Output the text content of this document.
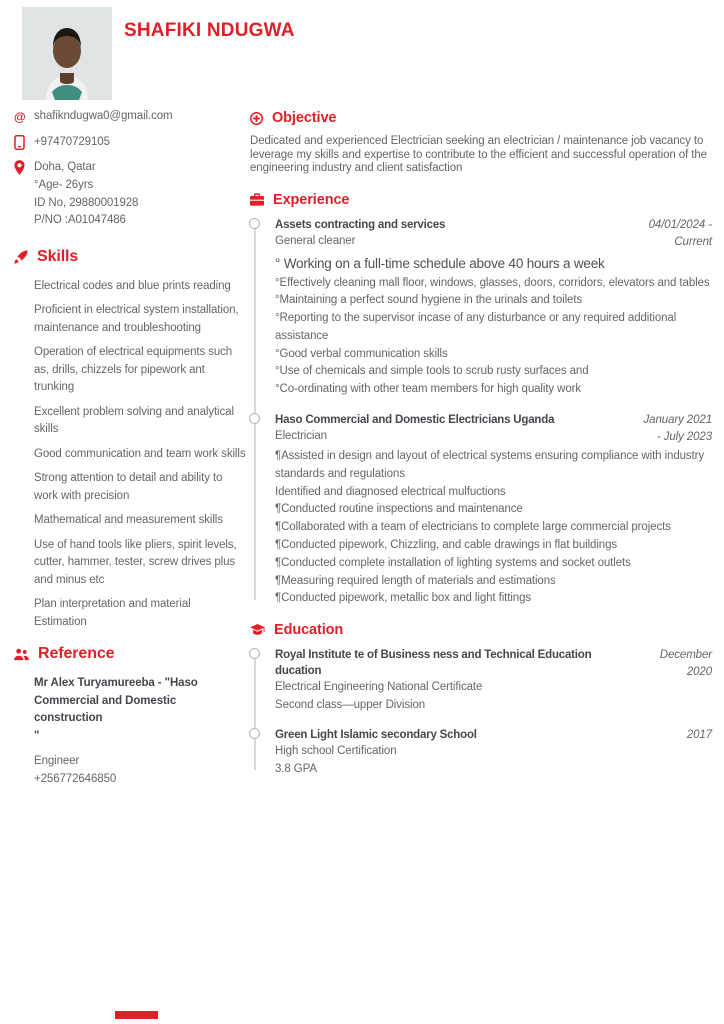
SHAFIKI NDUGWA
@ shafikndugwa0@gmail.com
+97470729105
Doha, Qatar
°Age- 26yrs
ID No, 29880001928
P/NO :A01047486
Skills
Electrical codes and blue prints reading
Proficient in electrical system installation, maintenance and troubleshooting
Operation of electrical equipments such as, drills, chizzels for pipework ant trunking
Excellent problem solving and analytical skills
Good communication and team work skills
Strong attention to detail and ability to work with precision
Mathematical and measurement skills
Use of hand tools like pliers, spirit levels, cutter, hammer, tester, screw drives plus and minus etc
Plan interpretation and material Estimation
Reference
Mr Alex Turyamureeba - "Haso
Commercial and Domestic construction
"
Engineer
+256772646850
Objective
Dedicated and experienced Electrician seeking an electrician / maintenance job vacancy to leverage my skills and expertise to contribute to the efficient and successful operation of the engineering industry and client satisfaction
Experience
Assets contracting and services
General cleaner
04/01/2024 -
Current
° Working on a full-time schedule above 40 hours a week
°Effectively cleaning mall floor, windows, glasses, doors, corridors, elevators and tables
°Maintaining a perfect sound hygiene in the urinals and toilets
°Reporting to the supervisor incase of any disturbance or any required additional assistance
°Good verbal communication skills
°Use of chemicals and simple tools to scrub rusty surfaces and
°Co-ordinating with other team members for high quality work
Haso Commercial and Domestic Electricians Uganda
Electrician
January 2021
- July 2023
¶Assisted in design and layout of electrical systems ensuring compliance with industry standards and regulations
Identified and diagnosed electrical mulfuctions
¶Conducted routine inspections and maintenance
¶Collaborated with a team of electricians to complete large commercial projects
¶Conducted pipework, Chizzling, and cable drawings in flat buildings
¶Conducted complete installation of lighting systems and socket outlets
¶Measuring required length of materials and estimations
¶Conducted pipework, metallic box and light fittings
Education
Royal Institute te of Business ness and Technical Education ducation
Electrical Engineering National Certificate
Second class—upper Division
December
2020
Green Light Islamic secondary School
High school Certification
3.8 GPA
2017
